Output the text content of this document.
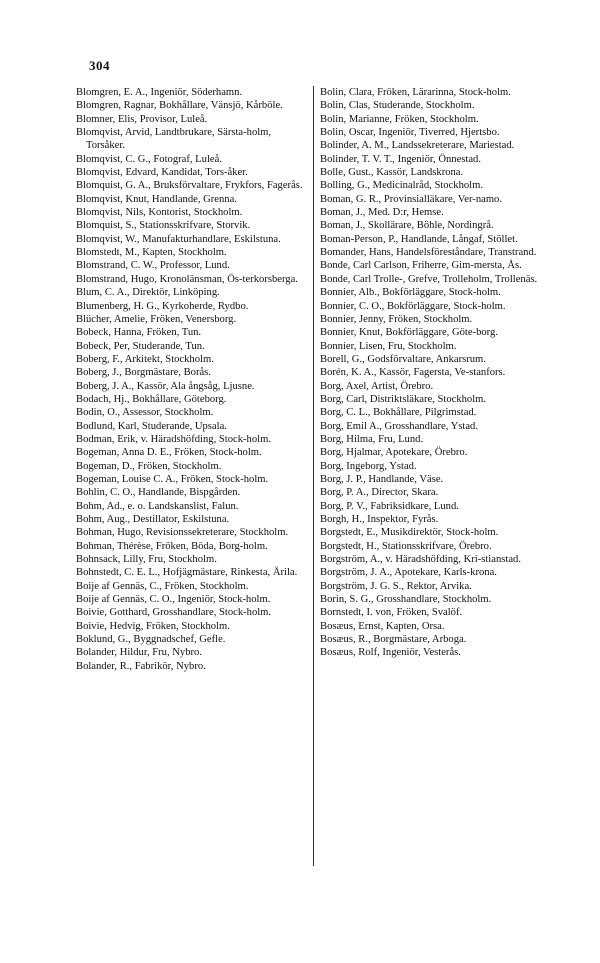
304
Blomgren, E. A., Ingeniör, Söderhamn.
Blomgren, Ragnar, Bokhållare, Vänsjö, Kårböle.
Blomner, Elis, Provisor, Luleå.
Blomqvist, Arvid, Landtbrukare, Särsta-holm, Torsåker.
Blomqvist, C. G., Fotograf, Luleå.
Blomqvist, Edvard, Kandidat, Tors-åker.
Blomquist, G. A., Bruksförvaltare, Frykfors, Fagerås.
Blomqvist, Knut, Handlande, Grenna.
Blomqvist, Nils, Kontorist, Stockholm.
Blomquist, S., Stationsskrifvare, Storvik.
Blomqvist, W., Manufakturhandlare, Eskilstuna.
Blomstedt, M., Kapten, Stockholm.
Blomstrand, C. W., Professor, Lund.
Blomstrand, Hugo, Kronolänsman, Ös-terkorsberga.
Blum, C. A., Direktör, Linköping.
Blumenberg, H. G., Kyrkoherde, Rydbo.
Blücher, Amelie, Fröken, Venersborg.
Bobeck, Hanna, Fröken, Tun.
Bobeck, Per, Studerande, Tun.
Boberg, F., Arkitekt, Stockholm.
Boberg, J., Borgmästare, Borås.
Boberg, J. A., Kassör, Ala ångsåg, Ljusne.
Bodach, Hj., Bokhållare, Göteborg.
Bodin, O., Assessor, Stockholm.
Bodlund, Karl, Studerande, Upsala.
Bodman, Erik, v. Häradshöfding, Stock-holm.
Bogeman, Anna D. E., Fröken, Stock-holm.
Bogeman, D., Fröken, Stockholm.
Bogeman, Louise C. A., Fröken, Stock-holm.
Bohlin, C. O., Handlande, Bispgården.
Bohm, Ad., e. o. Landskanslist, Falun.
Bohm, Aug., Destillator, Eskilstuna.
Bohman, Hugo, Revisionssekreterare, Stockholm.
Bohman, Thérèse, Fröken, Böda, Borg-holm.
Bohnsack, Lilly, Fru, Stockholm.
Bohnstedt, C. E. L., Hofjägmästare, Rinkesta, Ärila.
Boije af Gennäs, C., Fröken, Stockholm.
Boije af Gennäs, C. O., Ingeniör, Stock-holm.
Boivie, Gotthard, Grosshandlare, Stock-holm.
Boivie, Hedvig, Fröken, Stockholm.
Boklund, G., Byggnadschef, Gefle.
Bolander, Hildur, Fru, Nybro.
Bolander, R., Fabrikör, Nybro.
Bolin, Clara, Fröken, Lärarinna, Stock-holm.
Bolin, Clas, Studerande, Stockholm.
Bolin, Marianne, Fröken, Stockholm.
Bolin, Oscar, Ingeniör, Tiverred, Hjertsbo.
Bolinder, A. M., Landssekreterare, Mariestad.
Bolinder, T. V. T., Ingeniör, Önnestad.
Bolle, Gust., Kassör, Landskrona.
Bolling, G., Medicinalråd, Stockholm.
Boman, G. R., Provinsialläkare, Ver-namo.
Boman, J., Med. D:r, Hemse.
Boman, J., Skollärare, Böhle, Nordingrå.
Boman-Person, P., Handlande, Långaf, Stöllet.
Bomander, Hans, Handelsföreståndare, Transtrand.
Bonde, Carl Carlson, Friherre, Gim-mersta, Ås.
Bonde, Carl Trolle-, Grefve, Trolleholm, Trollenäs.
Bonnier, Alb., Bokförläggare, Stock-holm.
Bonnier, C. O., Bokförläggare, Stock-holm.
Bonnier, Jenny, Fröken, Stockholm.
Bonnier, Knut, Bokförläggare, Göte-borg.
Bonnier, Lisen, Fru, Stockholm.
Borell, G., Godsförvaltare, Ankarsrum.
Borén, K. A., Kassör, Fagersta, Ve-stanfors.
Borg, Axel, Artist, Örebro.
Borg, Carl, Distriktsläkare, Stockholm.
Borg, C. L., Bokhållare, Pilgrimstad.
Borg, Emil A., Grosshandlare, Ystad.
Borg, Hilma, Fru, Lund.
Borg, Hjalmar, Apotekare, Örebro.
Borg, Ingeborg, Ystad.
Borg, J. P., Handlande, Väse.
Borg, P. A., Director, Skara.
Borg, P. V., Fabriksidkare, Lund.
Borgh, H., Inspektor, Fyrås.
Borgstedt, E., Musikdirektör, Stock-holm.
Borgstedt, H., Stationsskrifvare, Örebro.
Borgström, A., v. Häradshöfding, Kri-stianstad.
Borgström, J. A., Apotekare, Karls-krona.
Borgström, J. G. S., Rektor, Arvika.
Borin, S. G., Grosshandlare, Stockholm.
Bornstedt, I. von, Fröken, Svalöf.
Bosæus, Ernst, Kapten, Orsa.
Bosæus, R., Borgmästare, Arboga.
Bosæus, Rolf, Ingeniör, Vesterås.
